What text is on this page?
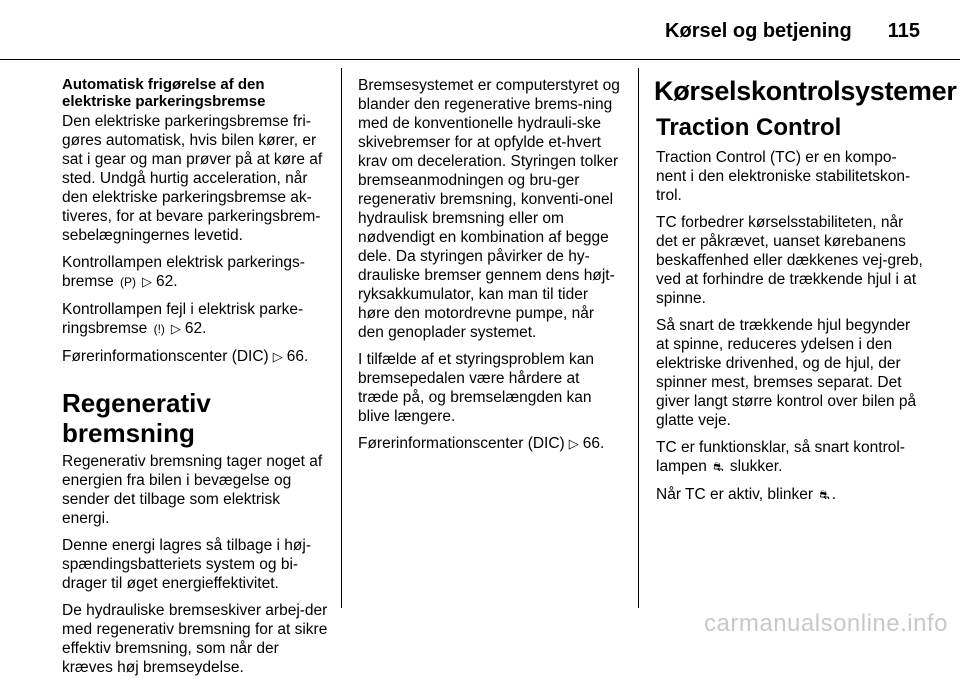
Kørsel og betjening 115

Automatisk frigørelse af den elektriske parkeringsbremse

Den elektriske parkeringsbremse fri-gøres automatisk, hvis bilen kører, er sat i gear og man prøver på at køre af sted. Undgå hurtig acceleration, når den elektriske parkeringsbremse ak-tiveres, for at bevare parkeringsbrem-sebelægningernes levetid.

Kontrollampen elektrisk parkerings-bremse (P) ▷ 62.

Kontrollampen fejl i elektrisk parke-ringsbremse (!) ▷ 62.

Førerinformationscenter (DIC) ▷ 66.

Regenerativ bremsning

Regenerativ bremsning tager noget af energien fra bilen i bevægelse og sender det tilbage som elektrisk energi.

Denne energi lagres så tilbage i høj-spændingsbatteriets system og bi-drager til øget energieffektivitet.

De hydrauliske bremseskiver arbej-der med regenerativ bremsning for at sikre effektiv bremsning, som når der kræves høj bremseydelse.

Bremsesystemet er computerstyret og blander den regenerative brems-ning med de konventionelle hydrauli-ske skivebremser for at opfylde et-hvert krav om deceleration. Styringen tolker bremseanmodningen og bru-ger regenerativ bremsning, konventi-onel hydraulisk bremsning eller om nødvendigt en kombination af begge dele. Da styringen påvirker de hy-drauliske bremser gennem dens højt-ryksakkumulator, kan man til tider høre den motordrevne pumpe, når den genoplader systemet.

I tilfælde af et styringsproblem kan bremsepedalen være hårdere at træde på, og bremselængden kan blive længere.

Førerinformationscenter (DIC) ▷ 66.

Kørselskontrolsystemer
Traction Control

Traction Control (TC) er en kompo-nent i den elektroniske stabilitetskon-trol.

TC forbedrer kørselsstabiliteten, når det er påkrævet, uanset kørebanens beskaffenhed eller dækkenes vej-greb, ved at forhindre de trækkende hjul i at spinne.

Så snart de trækkende hjul begynder at spinne, reduceres ydelsen i den elektriske drivenhed, og de hjul, der spinner mest, bremses separat. Det giver langt større kontrol over bilen på glatte veje.

TC er funktionsklar, så snart kontrol-lampen ⛐ slukker.

Når TC er aktiv, blinker ⛐ .

carmanualsonline.info
